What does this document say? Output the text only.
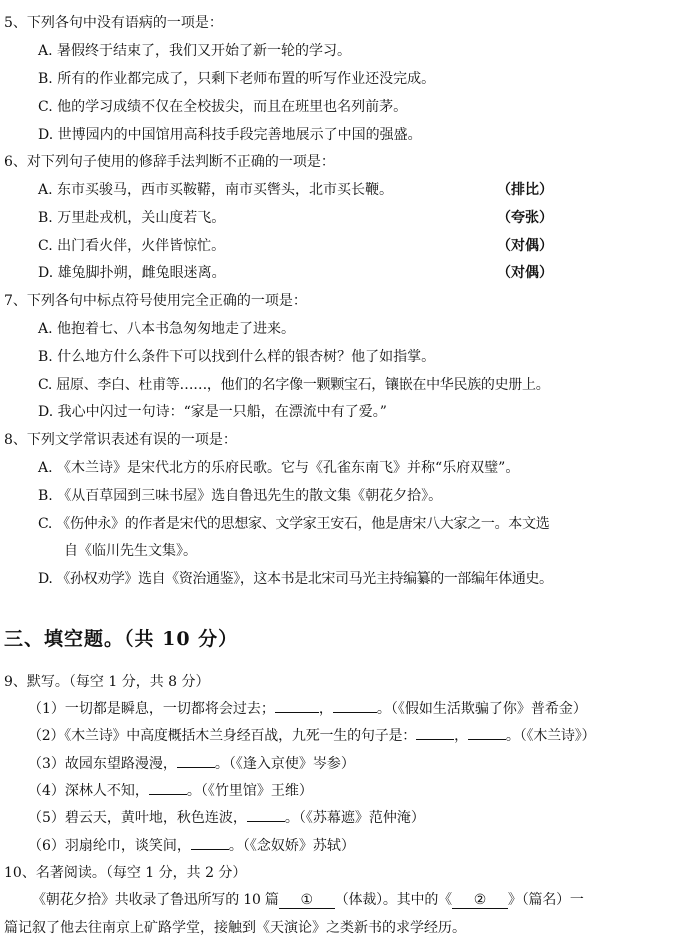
5、下列各句中没有语病的一项是：
A. 暑假终于结束了，我们又开始了新一轮的学习。
B. 所有的作业都完成了，只剩下老师布置的听写作业还没完成。
C. 他的学习成绩不仅在全校拔尖，而且在班里也名列前茅。
D. 世博园内的中国馆用高科技手段完善地展示了中国的强盛。
6、对下列句子使用的修辞手法判断不正确的一项是：
A. 东市买骏马，西市买鞍鞯，南市买辔头，北市买长鞭。	（排比）
B. 万里赴戎机，关山度若飞。	（夸张）
C. 出门看火伴，火伴皆惊忙。	（对偶）
D. 雄兔脚扑朔，雌兔眼迷离。	（对偶）
7、下列各句中标点符号使用完全正确的一项是：
A. 他抱着七、八本书急匆匆地走了进来。
B. 什么地方什么条件下可以找到什么样的银杏树？他了如指掌。
C. 屈原、李白、杜甫等……，他们的名字像一颗颗宝石，镶嵌在中华民族的史册上。
D. 我心中闪过一句诗：“家是一只船，在漂流中有了爱。”
8、下列文学常识表述有误的一项是：
A. 《木兰诗》是宋代北方的乐府民歌。它与《孔雀东南飞》并称“乐府双璧”。
B. 《从百草园到三味书屋》选自鲁迅先生的散文集《朝花夕拾》。
C. 《伤仲永》的作者是宋代的思想家、文学家王安石，他是唐宋八大家之一。本文选
自《临川先生文集》。
D. 《孙权劝学》选自《资治通鉴》，这本书是北宋司马光主持编纂的一部编年体通史。
三、填空题。（共 10 分）
9、默写。（每空 1 分，共 8 分）
（1）一切都是瞬息，一切都将会过去；	，	。（《假如生活欺骗了你》普希金）
（2）《木兰诗》中高度概括木兰身经百战，九死一生的句子是：	，	。（《木兰诗》）
（3）故园东望路漫漫，	。（《逢入京使》岑参）
（4）深林人不知，	。（《竹里馆》王维）
（5）碧云天，黄叶地，秋色连波，	。（《苏幕遮》范仲淹）
（6）羽扇纶巾，谈笑间，	。（《念奴娇》苏轼）
10、名著阅读。（每空 1 分，共 2 分）
《朝花夕拾》共收录了鲁迅所写的 10 篇 ① （体裁）。其中的《 ② 》（篇名）一
篇记叙了他去往南京上矿路学堂，接触到《天演论》之类新书的求学经历。
